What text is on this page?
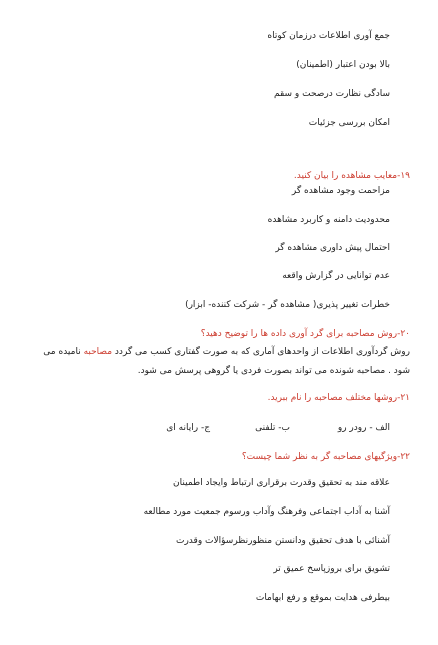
جمع آوری اطلاعات درزمان کوتاه
بالا بودن اعتبار (اطمینان)
سادگی نظارت درصحت و سقم
امکان بررسی جزئیات
۱۹-معایب مشاهده را بیان کنید.
مزاحمت وجود مشاهده گر
محدودیت دامنه و کاربرد مشاهده
احتمال پیش داوری مشاهده گر
عدم توانایی در گزارش واقعه
خطرات تغییر پذیری( مشاهده گر - شرکت کننده- ابزار)
۲۰-روش مصاحبه برای گرد آوری داده ها را توضیح دهید؟
روش گردآوری اطلاعات از واحدهای آماری که به صورت گفتاری کسب می گردد مصاحبه نامیده می
شود . مصاحبه شونده می تواند بصورت فردی یا گروهی پرسش می شود.
۲۱-روشها مختلف مصاحبه را نام ببرید.
الف - رودر رو
ب- تلفنی
ج- رایانه ای
۲۲-ویژگیهای مصاحبه گر به نظر شما چیست؟
علاقه مند به تحقیق وقدرت برقراری ارتباط وایجاد اطمینان
آشنا به آداب اجتماعی وفرهنگ وآداب ورسوم جمعیت مورد مطالعه
آشنائی با هدف تحقیق ودانستن منظورنظرسؤالات وقدرت
تشویق برای بروزپاسخ عمیق تر
بیطرفی هدایت بموقع و رفع ابهامات
